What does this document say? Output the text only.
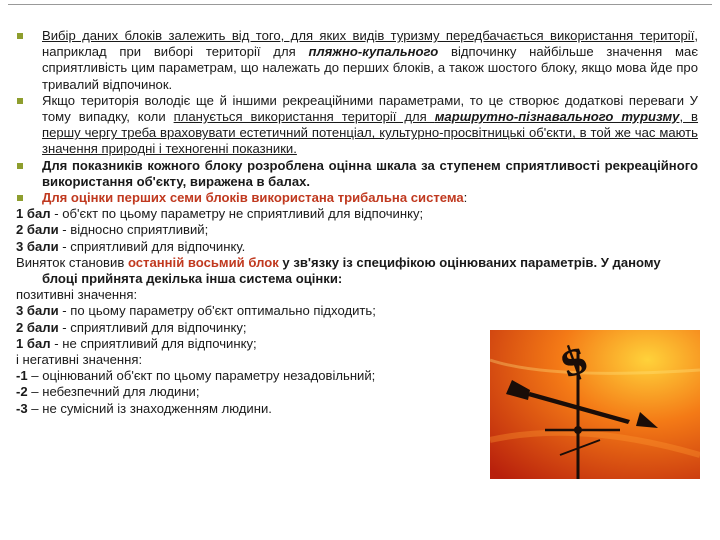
Вибір даних блоків залежить від того, для яких видів туризму передбачається використання території, наприклад при виборі території для пляжно-купального відпочинку найбільше значення має сприятливість цим параметрам, що належать до перших блоків, а також шостого блоку, якщо мова йде про тривалий відпочинок.
Якщо територія володіє ще й іншими рекреаційними параметрами, то це створює додаткові переваги У тому випадку, коли планується використання території для маршрутно-пізнавального туризму, в першу чергу треба враховувати естетичний потенціал, культурно-просвітницькі об'єкти, в той же час мають значення природні і техногенні показники.
Для показників кожного блоку розроблена оцінна шкала за ступенем сприятливості рекреаційного використання об'єкту, виражена в балах.
Для оцінки перших семи блоків використана трибальна система:
1 бал - об'єкт по цьому параметру не сприятливий для відпочинку;
2 бали - відносно сприятливий;
3 бали - сприятливий для відпочинку.
Виняток становив останній восьмий блок у зв'язку із специфікою оцінюваних параметрів. У даному блоці прийнята декілька інша система оцінки:
позитивні значення:
3 бали - по цьому параметру об'єкт оптимально підходить;
2 бали - сприятливий для відпочинку;
1 бал - не сприятливий для відпочинку;
і негативні значення:
-1 – оцінюваний об'єкт по цьому параметру незадовільний;
-2 – небезпечний для людини;
-3 – не сумісний із знаходженням людини.
$
